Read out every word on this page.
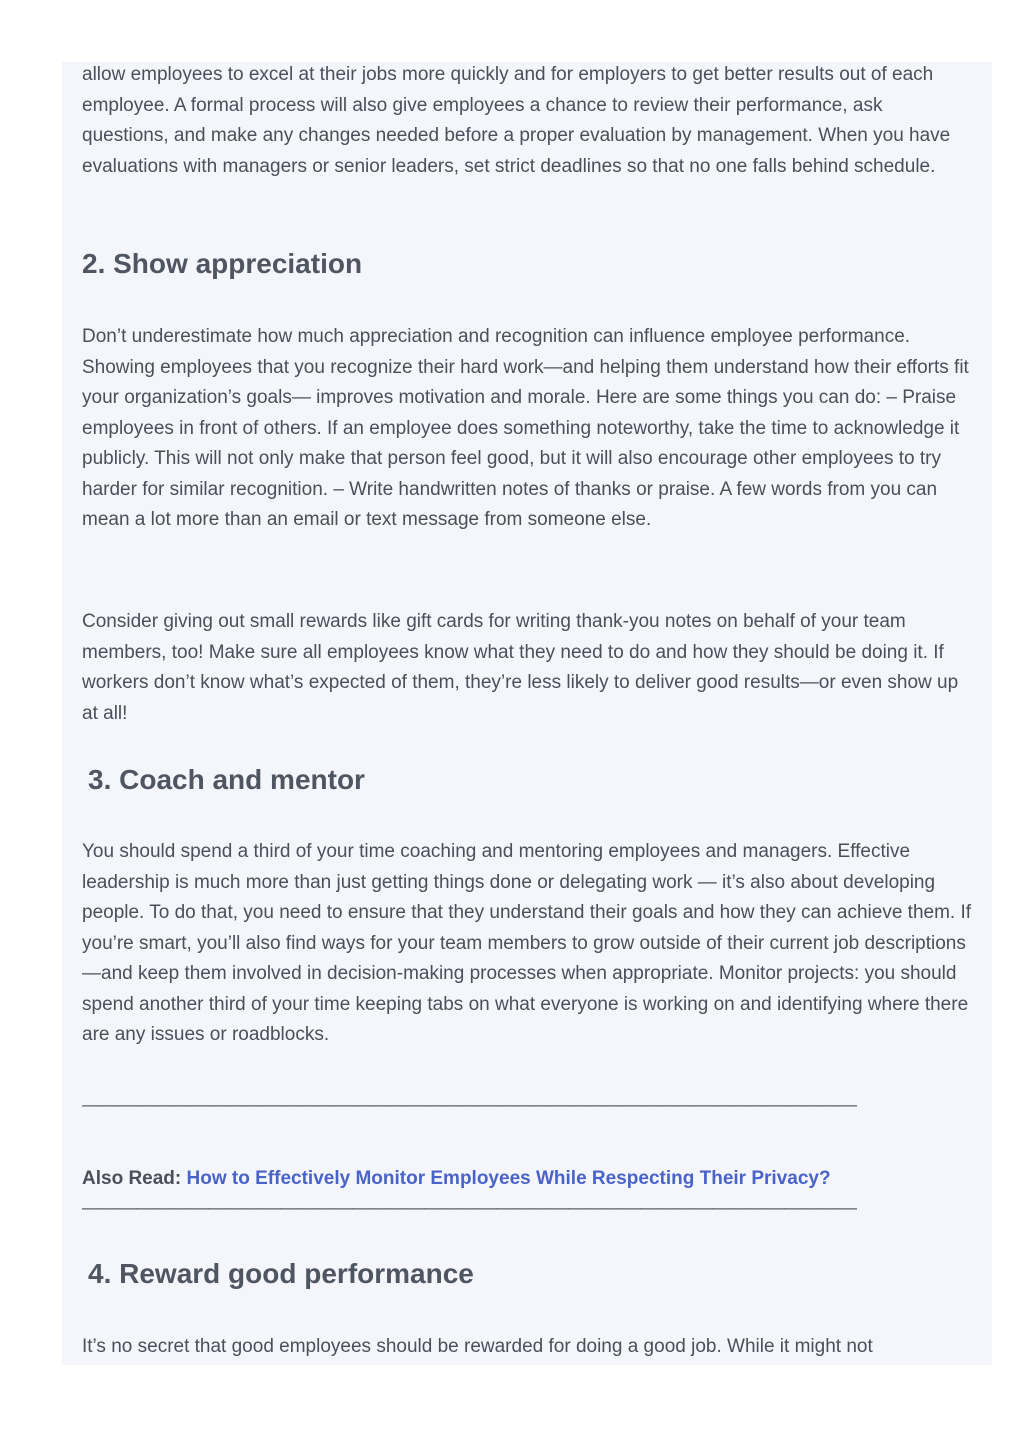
allow employees to excel at their jobs more quickly and for employers to get better results out of each employee. A formal process will also give employees a chance to review their performance, ask questions, and make any changes needed before a proper evaluation by management. When you have evaluations with managers or senior leaders, set strict deadlines so that no one falls behind schedule.

2. Show appreciation

Don’t underestimate how much appreciation and recognition can influence employee performance. Showing employees that you recognize their hard work—and helping them understand how their efforts fit your organization’s goals— improves motivation and morale. Here are some things you can do: – Praise employees in front of others. If an employee does something noteworthy, take the time to acknowledge it publicly. This will not only make that person feel good, but it will also encourage other employees to try harder for similar recognition. – Write handwritten notes of thanks or praise. A few words from you can mean a lot more than an email or text message from someone else.

Consider giving out small rewards like gift cards for writing thank-you notes on behalf of your team members, too! Make sure all employees know what they need to do and how they should be doing it. If workers don’t know what’s expected of them, they’re less likely to deliver good results—or even show up at all!

3. Coach and mentor

You should spend a third of your time coaching and mentoring employees and managers. Effective leadership is much more than just getting things done or delegating work — it’s also about developing people. To do that, you need to ensure that they understand their goals and how they can achieve them. If you’re smart, you’ll also find ways for your team members to grow outside of their current job descriptions—and keep them involved in decision-making processes when appropriate. Monitor projects: you should spend another third of your time keeping tabs on what everyone is working on and identifying where there are any issues or roadblocks.

———————————————————————————————————————————
Also Read: How to Effectively Monitor Employees While Respecting Their Privacy?
———————————————————————————————————————————
4. Reward good performance

It’s no secret that good employees should be rewarded for doing a good job. While it might not
